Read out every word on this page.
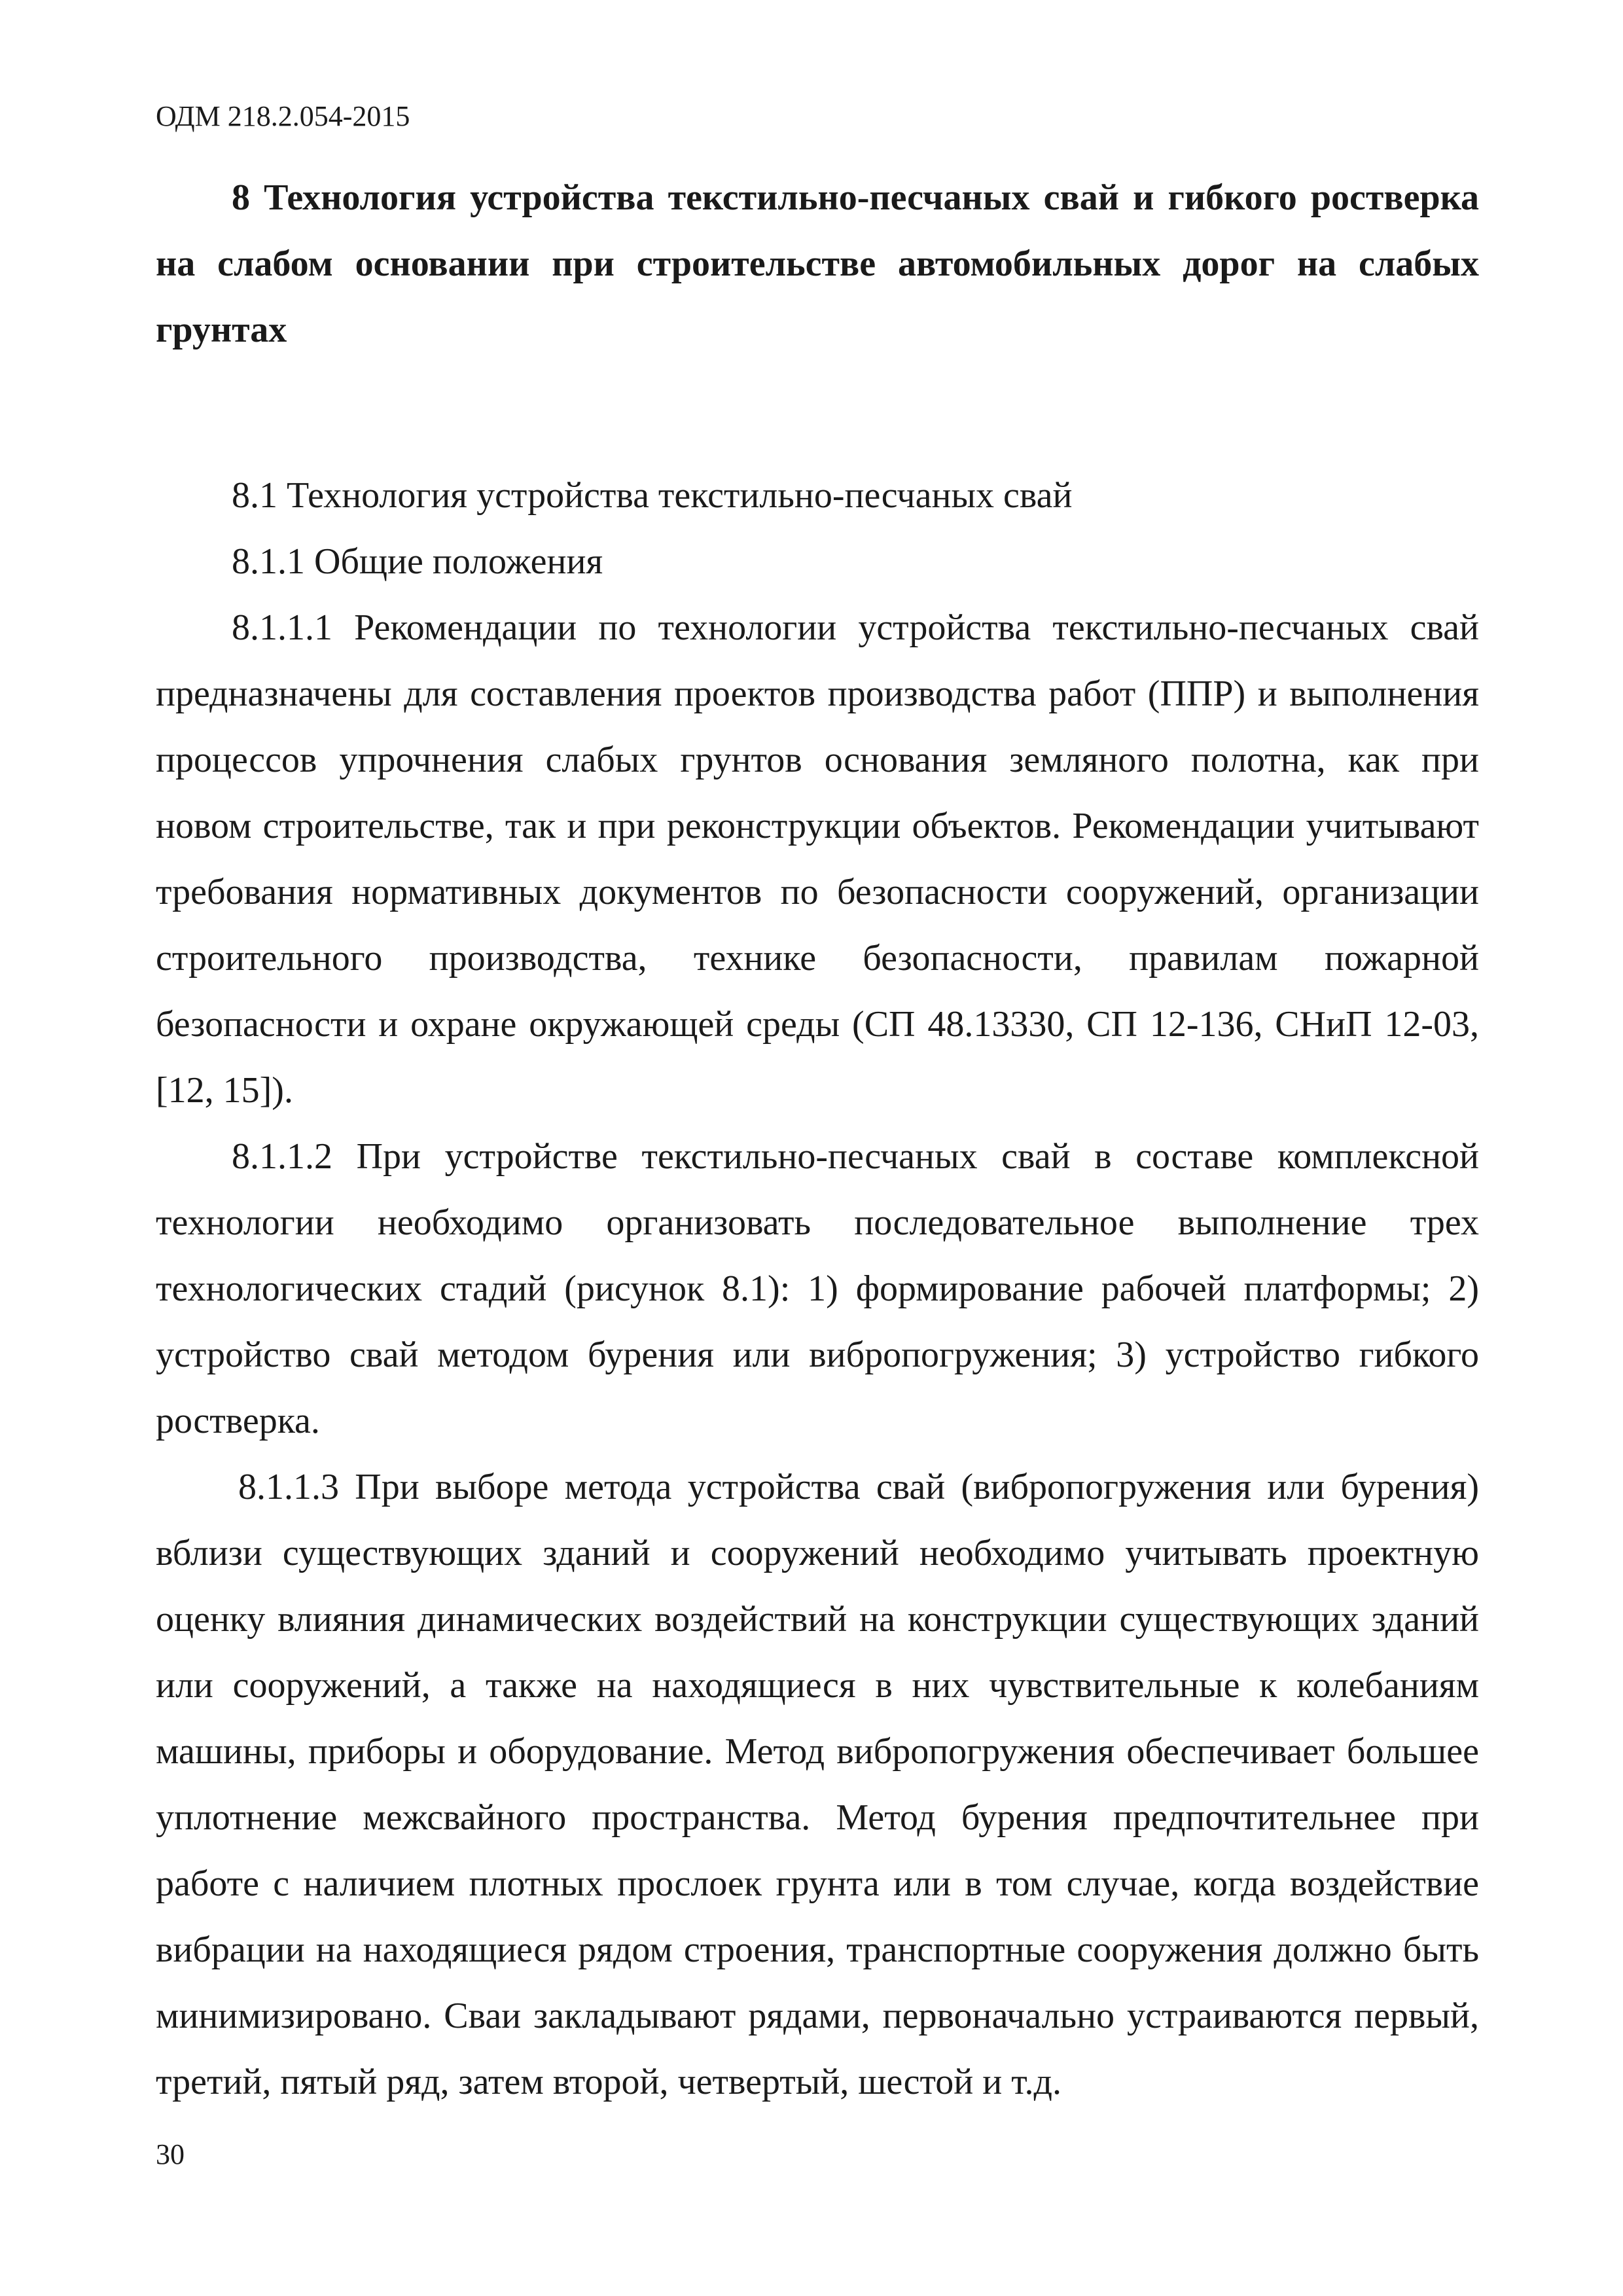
ОДМ 218.2.054-2015
8 Технология устройства текстильно-песчаных свай и гибкого ростверка на слабом основании при строительстве автомобильных дорог на слабых грунтах
8.1 Технология устройства текстильно-песчаных свай
8.1.1 Общие положения

8.1.1.1 Рекомендации по технологии устройства текстильно-песчаных свай предназначены для составления проектов производства работ (ППР) и выполнения процессов упрочнения слабых грунтов основания земляного полотна, как при новом строительстве, так и при реконструкции объектов. Рекомендации учитывают требования нормативных документов по безопасности сооружений, организации строительного производства, технике безопасности, правилам пожарной безопасности и охране окружающей среды (СП 48.13330, СП 12-136, СНиП 12-03, [12, 15]).

8.1.1.2 При устройстве текстильно-песчаных свай в составе комплексной технологии необходимо организовать последовательное выполнение трех технологических стадий (рисунок 8.1): 1) формирование рабочей платформы; 2) устройство свай методом бурения или вибропогружения; 3) устройство гибкого ростверка.

8.1.1.3 При выборе метода устройства свай (вибропогружения или бурения) вблизи существующих зданий и сооружений необходимо учитывать проектную оценку влияния динамических воздействий на конструкции существующих зданий или сооружений, а также на находящиеся в них чувствительные к колебаниям машины, приборы и оборудование. Метод вибропогружения обеспечивает большее уплотнение межсвайного пространства. Метод бурения предпочтительнее при работе с наличием плотных прослоек грунта или в том случае, когда воздействие вибрации на находящиеся рядом строения, транспортные сооружения должно быть минимизировано. Сваи закладывают рядами, первоначально устраиваются первый, третий, пятый ряд, затем второй, четвертый, шестой и т.д.

30
